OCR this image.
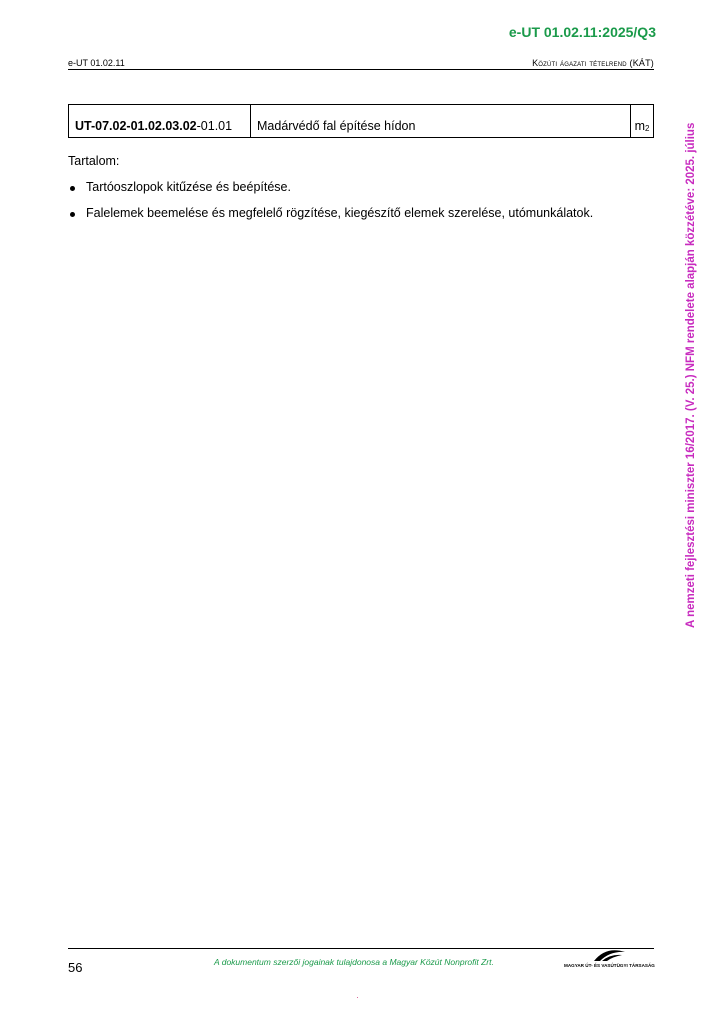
e-UT 01.02.11:2025/Q3
e-UT 01.02.11	Közúti ágazati tételrend (KÁT)
UT-07.02-01.02.03.02 -01.01	Madárvédő fal építése hídon	$m_2$
Tartalom:
Tartóoszlopok kitűzése és beépítése.
Falelemek beemelése és megfelelő rögzítése, kiegészítő elemek szerelése, utómunkálatok.	A nemzeti fejlesztési miniszter 16/2017. (V. 25.) NFM rendelete alapján közzétéve: 2025. július
56	A dokumentum szerzői jogainak tulajdonosa a Magyar Közút Nonprofit Zrt.	MAGYAR ÚT- ÉS VASÚTÜGYI TÁRSASÁG
